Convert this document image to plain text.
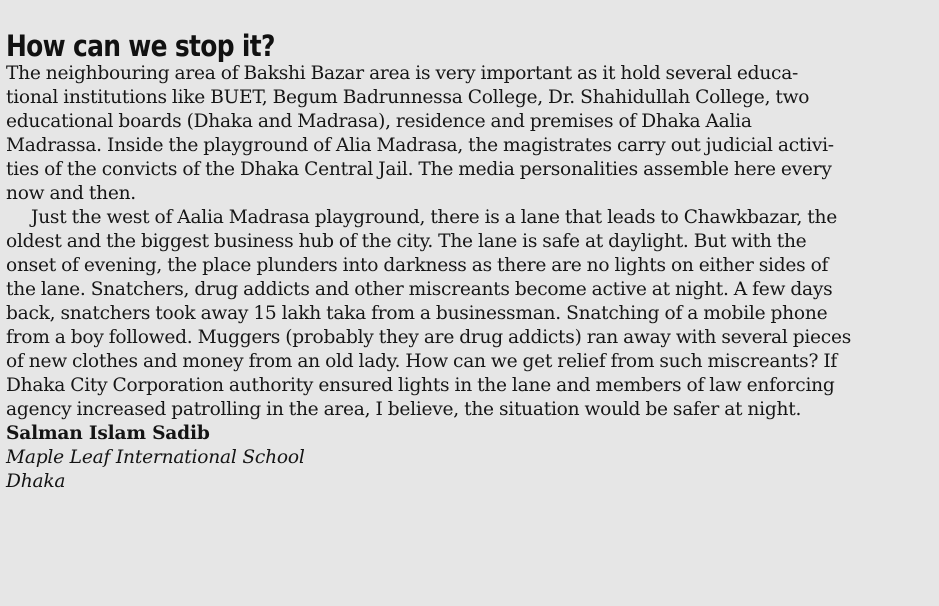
How can we stop it?

The neighbouring area of Bakshi Bazar area is very important as it hold several educa-
tional institutions like BUET, Begum Badrunnessa College, Dr. Shahidullah College, two
educational boards (Dhaka and Madrasa), residence and premises of Dhaka Aalia
Madrassa. Inside the playground of Alia Madrasa, the magistrates carry out judicial activi-
ties of the convicts of the Dhaka Central Jail. The media personalities assemble here every
now and then.

Just the west of Aalia Madrasa playground, there is a lane that leads to Chawkbazar, the
oldest and the biggest business hub of the city. The lane is safe at daylight. But with the
onset of evening, the place plunders into darkness as there are no lights on either sides of
the lane. Snatchers, drug addicts and other miscreants become active at night. A few days
back, snatchers took away 15 lakh taka from a businessman. Snatching of a mobile phone
from a boy followed. Muggers (probably they are drug addicts) ran away with several pieces
of new clothes and money from an old lady. How can we get relief from such miscreants? If
Dhaka City Corporation authority ensured lights in the lane and members of law enforcing
agency increased patrolling in the area, I believe, the situation would be safer at night.

Salman Islam Sadib
Maple Leaf International School
Dhaka
